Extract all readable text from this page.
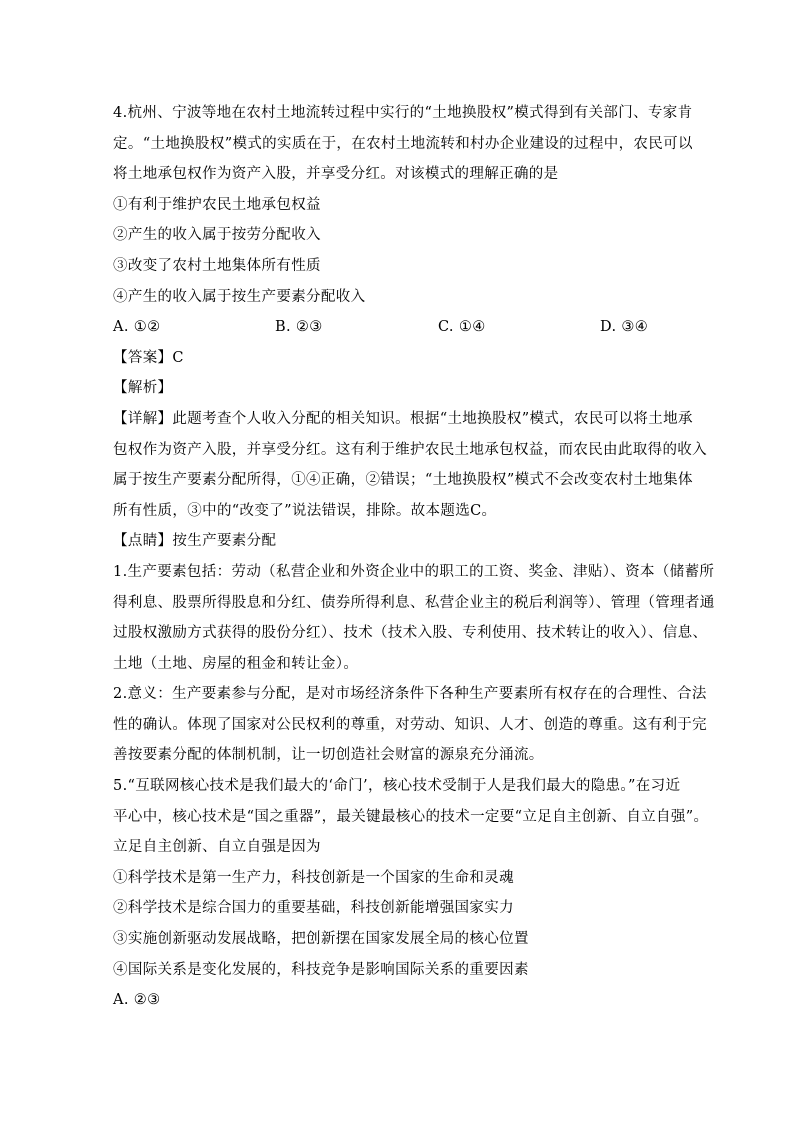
4.杭州、宁波等地在农村土地流转过程中实行的“土地换股权”模式得到有关部门、专家肯
定。“土地换股权”模式的实质在于，在农村土地流转和村办企业建设的过程中，农民可以
将土地承包权作为资产入股，并享受分红。对该模式的理解正确的是
①有利于维护农民土地承包权益
②产生的收入属于按劳分配收入
③改变了农村土地集体所有性质
④产生的收入属于按生产要素分配收入
A. ①②	B. ②③	C. ①④	D. ③④
【答案】C
【解析】
【详解】此题考查个人收入分配的相关知识。根据“土地换股权”模式，农民可以将土地承
包权作为资产入股，并享受分红。这有利于维护农民土地承包权益，而农民由此取得的收入
属于按生产要素分配所得，①④正确，②错误；“土地换股权”模式不会改变农村土地集体
所有性质，③中的“改变了”说法错误，排除。故本题选C。
【点睛】按生产要素分配
1.生产要素包括：劳动（私营企业和外资企业中的职工的工资、奖金、津贴）、资本（储蓄所
得利息、股票所得股息和分红、债券所得利息、私营企业主的税后利润等）、管理（管理者通
过股权激励方式获得的股份分红）、技术（技术入股、专利使用、技术转让的收入）、信息、
土地（土地、房屋的租金和转让金）。
2.意义：生产要素参与分配，是对市场经济条件下各种生产要素所有权存在的合理性、合法
性的确认。体现了国家对公民权利的尊重，对劳动、知识、人才、创造的尊重。这有利于完
善按要素分配的体制机制，让一切创造社会财富的源泉充分涌流。
5.“互联网核心技术是我们最大的‘命门’，核心技术受制于人是我们最大的隐患。”在习近
平心中，核心技术是“国之重器”，最关键最核心的技术一定要“立足自主创新、自立自强”。
立足自主创新、自立自强是因为
①科学技术是第一生产力，科技创新是一个国家的生命和灵魂
②科学技术是综合国力的重要基础，科技创新能增强国家实力
③实施创新驱动发展战略，把创新摆在国家发展全局的核心位置
④国际关系是变化发展的，科技竞争是影响国际关系的重要因素
A. ②③
